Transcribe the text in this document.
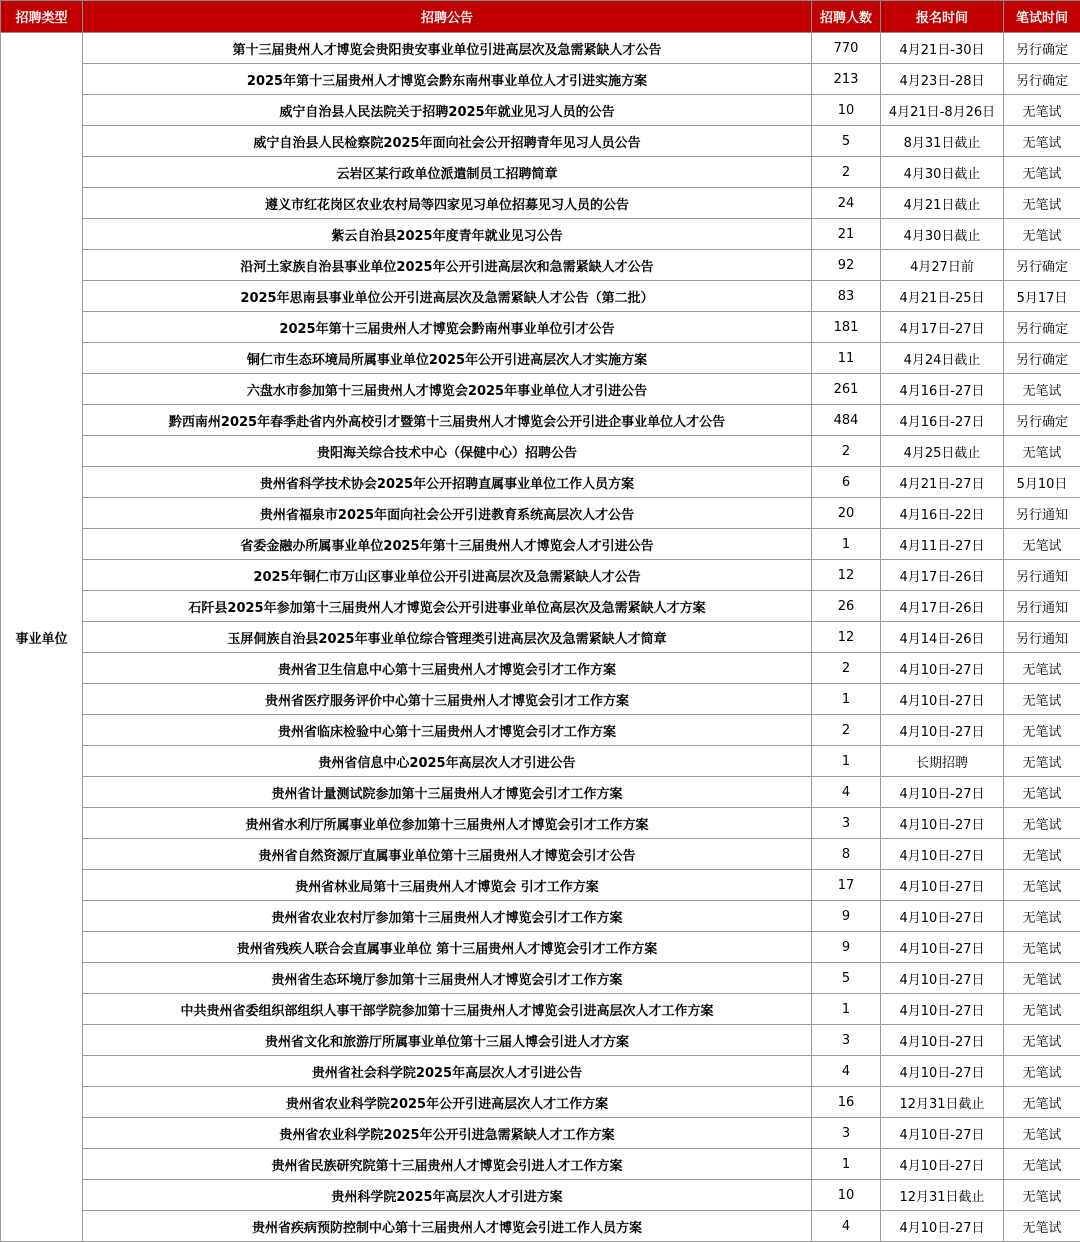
招聘类型	招聘公告	招聘人数	报名时间	笔试时间
事业单位	第十三届贵州人才博览会贵阳贵安事业单位引进高层次及急需紧缺人才公告	770	4月21日-30日	另行确定
	2025年第十三届贵州人才博览会黔东南州事业单位人才引进实施方案	213	4月23日-28日	另行确定
	威宁自治县人民法院关于招聘2025年就业见习人员的公告	10	4月21日-8月26日	无笔试
	威宁自治县人民检察院2025年面向社会公开招聘青年见习人员公告	5	8月31日截止	无笔试
	云岩区某行政单位派遣制员工招聘简章	2	4月30日截止	无笔试
	遵义市红花岗区农业农村局等四家见习单位招募见习人员的公告	24	4月21日截止	无笔试
	紫云自治县2025年度青年就业见习公告	21	4月30日截止	无笔试
	沿河土家族自治县事业单位2025年公开引进高层次和急需紧缺人才公告	92	4月27日前	另行确定
	2025年思南县事业单位公开引进高层次及急需紧缺人才公告（第二批）	83	4月21日-25日	5月17日
	2025年第十三届贵州人才博览会黔南州事业单位引才公告	181	4月17日-27日	另行确定
	铜仁市生态环境局所属事业单位2025年公开引进高层次人才实施方案	11	4月24日截止	另行确定
	六盘水市参加第十三届贵州人才博览会2025年事业单位人才引进公告	261	4月16日-27日	无笔试
	黔西南州2025年春季赴省内外高校引才暨第十三届贵州人才博览会公开引进企事业单位人才公告	484	4月16日-27日	另行确定
	贵阳海关综合技术中心（保健中心）招聘公告	2	4月25日截止	无笔试
	贵州省科学技术协会2025年公开招聘直属事业单位工作人员方案	6	4月21日-27日	5月10日
	贵州省福泉市2025年面向社会公开引进教育系统高层次人才公告	20	4月16日-22日	另行通知
	省委金融办所属事业单位2025年第十三届贵州人才博览会人才引进公告	1	4月11日-27日	无笔试
	2025年铜仁市万山区事业单位公开引进高层次及急需紧缺人才公告	12	4月17日-26日	另行通知
	石阡县2025年参加第十三届贵州人才博览会公开引进事业单位高层次及急需紧缺人才方案	26	4月17日-26日	另行通知
	玉屏侗族自治县2025年事业单位综合管理类引进高层次及急需紧缺人才简章	12	4月14日-26日	另行通知
	贵州省卫生信息中心第十三届贵州人才博览会引才工作方案	2	4月10日-27日	无笔试
	贵州省医疗服务评价中心第十三届贵州人才博览会引才工作方案	1	4月10日-27日	无笔试
	贵州省临床检验中心第十三届贵州人才博览会引才工作方案	2	4月10日-27日	无笔试
	贵州省信息中心2025年高层次人才引进公告	1	长期招聘	无笔试
	贵州省计量测试院参加第十三届贵州人才博览会引才工作方案	4	4月10日-27日	无笔试
	贵州省水利厅所属事业单位参加第十三届贵州人才博览会引才工作方案	3	4月10日-27日	无笔试
	贵州省自然资源厅直属事业单位第十三届贵州人才博览会引才公告	8	4月10日-27日	无笔试
	贵州省林业局第十三届贵州人才博览会 引才工作方案	17	4月10日-27日	无笔试
	贵州省农业农村厅参加第十三届贵州人才博览会引才工作方案	9	4月10日-27日	无笔试
	贵州省残疾人联合会直属事业单位 第十三届贵州人才博览会引才工作方案	9	4月10日-27日	无笔试
	贵州省生态环境厅参加第十三届贵州人才博览会引才工作方案	5	4月10日-27日	无笔试
	中共贵州省委组织部组织人事干部学院参加第十三届贵州人才博览会引进高层次人才工作方案	1	4月10日-27日	无笔试
	贵州省文化和旅游厅所属事业单位第十三届人博会引进人才方案	3	4月10日-27日	无笔试
	贵州省社会科学院2025年高层次人才引进公告	4	4月10日-27日	无笔试
	贵州省农业科学院2025年公开引进高层次人才工作方案	16	12月31日截止	无笔试
	贵州省农业科学院2025年公开引进急需紧缺人才工作方案	3	4月10日-27日	无笔试
	贵州省民族研究院第十三届贵州人才博览会引进人才工作方案	1	4月10日-27日	无笔试
	贵州科学院2025年高层次人才引进方案	10	12月31日截止	无笔试
	贵州省疾病预防控制中心第十三届贵州人才博览会引进工作人员方案	4	4月10日-27日	无笔试
